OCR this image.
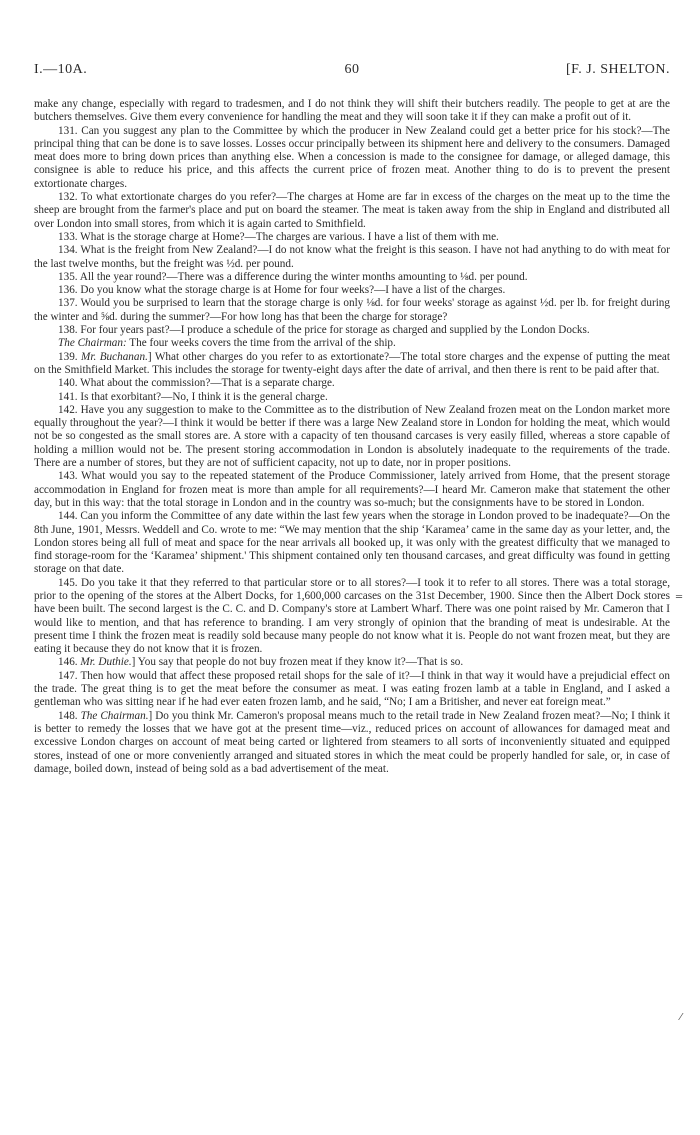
I.—10A.	60	[F. J. SHELTON.

make any change, especially with regard to tradesmen, and I do not think they will shift their butchers readily. The people to get at are the butchers themselves. Give them every convenience for handling the meat and they will soon take it if they can make a profit out of it.

131. Can you suggest any plan to the Committee by which the producer in New Zealand could get a better price for his stock?—The principal thing that can be done is to save losses. Losses occur principally between its shipment here and delivery to the consumers. Damaged meat does more to bring down prices than anything else. When a concession is made to the consignee for damage, or alleged damage, this consignee is able to reduce his price, and this affects the current price of frozen meat. Another thing to do is to prevent the present extortionate charges.

132. To what extortionate charges do you refer?—The charges at Home are far in excess of the charges on the meat up to the time the sheep are brought from the farmer's place and put on board the steamer. The meat is taken away from the ship in England and distributed all over London into small stores, from which it is again carted to Smithfield.

133. What is the storage charge at Home?—The charges are various. I have a list of them with me.

134. What is the freight from New Zealand?—I do not know what the freight is this season. I have not had anything to do with meat for the last twelve months, but the freight was ½d. per pound.

135. All the year round?—There was a difference during the winter months amounting to ⅛d. per pound.

136. Do you know what the storage charge is at Home for four weeks?—I have a list of the charges.

137. Would you be surprised to learn that the storage charge is only ⅛d. for four weeks' storage as against ½d. per lb. for freight during the winter and ⅝d. during the summer?—For how long has that been the charge for storage?

138. For four years past?—I produce a schedule of the price for storage as charged and supplied by the London Docks.

The Chairman: The four weeks covers the time from the arrival of the ship.

139. Mr. Buchanan.] What other charges do you refer to as extortionate?—The total store charges and the expense of putting the meat on the Smithfield Market. This includes the storage for twenty-eight days after the date of arrival, and then there is rent to be paid after that.

140. What about the commission?—That is a separate charge.

141. Is that exorbitant?—No, I think it is the general charge.

142. Have you any suggestion to make to the Committee as to the distribution of New Zealand frozen meat on the London market more equally throughout the year?—I think it would be better if there was a large New Zealand store in London for holding the meat, which would not be so congested as the small stores are. A store with a capacity of ten thousand carcases is very easily filled, whereas a store capable of holding a million would not be. The present storing accommodation in London is absolutely inadequate to the requirements of the trade. There are a number of stores, but they are not of sufficient capacity, not up to date, nor in proper positions.

143. What would you say to the repeated statement of the Produce Commissioner, lately arrived from Home, that the present storage accommodation in England for frozen meat is more than ample for all requirements?—I heard Mr. Cameron make that statement the other day, but in this way: that the total storage in London and in the country was so-much; but the consignments have to be stored in London.

144. Can you inform the Committee of any date within the last few years when the storage in London proved to be inadequate?—On the 8th June, 1901, Messrs. Weddell and Co. wrote to me: “We may mention that the ship ‘Karamea’ came in the same day as your letter, and, the London stores being all full of meat and space for the near arrivals all booked up, it was only with the greatest difficulty that we managed to find storage-room for the ‘Karamea’ shipment.' This shipment contained only ten thousand carcases, and great difficulty was found in getting storage on that date.

145. Do you take it that they referred to that particular store or to all stores?—I took it to refer to all stores. There was a total storage, prior to the opening of the stores at the Albert Docks, for 1,600,000 carcases on the 31st December, 1900. Since then the Albert Dock stores have been built. The second largest is the C. C. and D. Company's store at Lambert Wharf. There was one point raised by Mr. Cameron that I would like to mention, and that has reference to branding. I am very strongly of opinion that the branding of meat is undesirable. At the present time I think the frozen meat is readily sold because many people do not know what it is. People do not want frozen meat, but they are eating it because they do not know that it is frozen.

146. Mr. Duthie.] You say that people do not buy frozen meat if they know it?—That is so.

147. Then how would that affect these proposed retail shops for the sale of it?—I think in that way it would have a prejudicial effect on the trade. The great thing is to get the meat before the consumer as meat. I was eating frozen lamb at a table in England, and I asked a gentleman who was sitting near if he had ever eaten frozen lamb, and he said, “No; I am a Britisher, and never eat foreign meat.”

148. The Chairman.] Do you think Mr. Cameron's proposal means much to the retail trade in New Zealand frozen meat?—No; I think it is better to remedy the losses that we have got at the present time—viz., reduced prices on account of allowances for damaged meat and excessive London charges on account of meat being carted or lightered from steamers to all sorts of inconveniently situated and equipped stores, instead of one or more conveniently arranged and situated stores in which the meat could be properly handled for sale, or, in case of damage, boiled down, instead of being sold as a bad advertisement of the meat.

═
⁄
